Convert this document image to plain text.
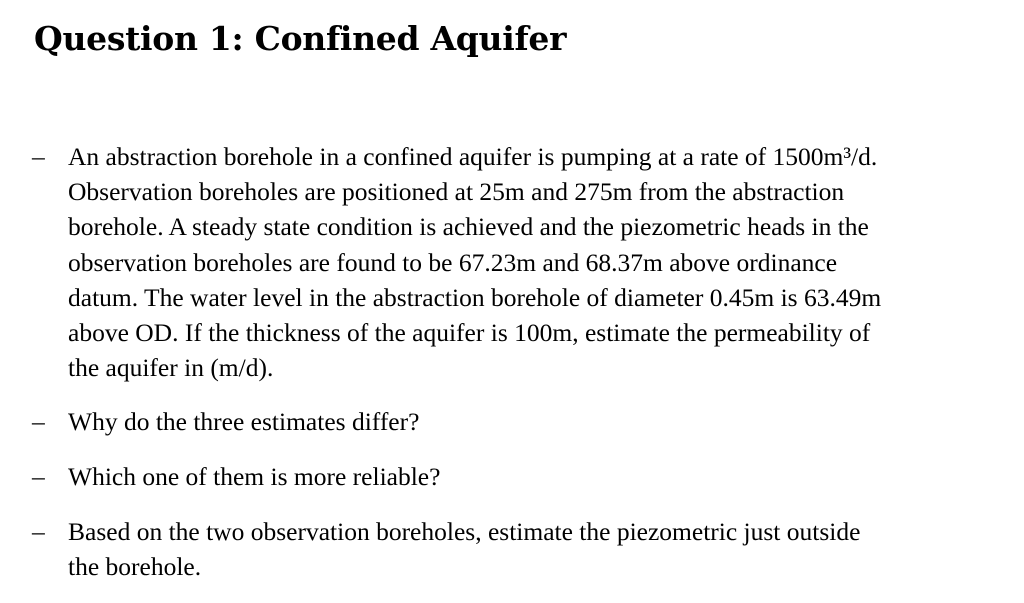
Question 1: Confined Aquifer
– An abstraction borehole in a confined aquifer is pumping at a rate of 1500m³/d.
Observation boreholes are positioned at 25m and 275m from the abstraction
borehole. A steady state condition is achieved and the piezometric heads in the
observation boreholes are found to be 67.23m and 68.37m above ordinance
datum. The water level in the abstraction borehole of diameter 0.45m is 63.49m
above OD. If the thickness of the aquifer is 100m, estimate the permeability of
the aquifer in (m/d).
– Why do the three estimates differ?
– Which one of them is more reliable?
– Based on the two observation boreholes, estimate the piezometric just outside
the borehole.
